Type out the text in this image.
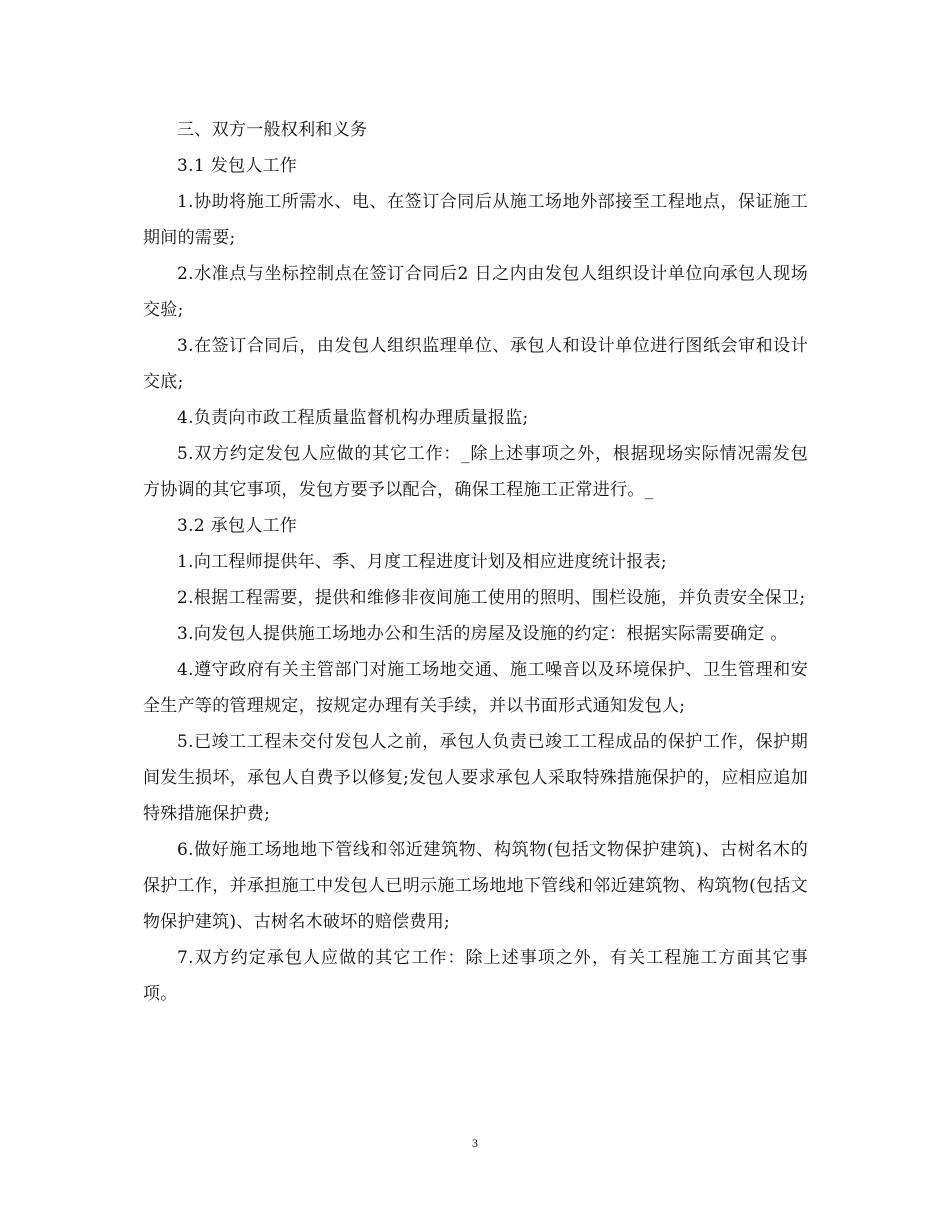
三、双方一般权利和义务

3.1 发包人工作

1.协助将施工所需水、电、在签订合同后从施工场地外部接至工程地点，保证施工期间的需要;

2.水准点与坐标控制点在签订合同后2 日之内由发包人组织设计单位向承包人现场交验;

3.在签订合同后，由发包人组织监理单位、承包人和设计单位进行图纸会审和设计交底;

4.负责向市政工程质量监督机构办理质量报监;

5.双方约定发包人应做的其它工作：_除上述事项之外，根据现场实际情况需发包方协调的其它事项，发包方要予以配合，确保工程施工正常进行。_

3.2 承包人工作

1.向工程师提供年、季、月度工程进度计划及相应进度统计报表;

2.根据工程需要，提供和维修非夜间施工使用的照明、围栏设施，并负责安全保卫;

3.向发包人提供施工场地办公和生活的房屋及设施的约定：根据实际需要确定 。

4.遵守政府有关主管部门对施工场地交通、施工噪音以及环境保护、卫生管理和安全生产等的管理规定，按规定办理有关手续，并以书面形式通知发包人;

5.已竣工工程未交付发包人之前，承包人负责已竣工工程成品的保护工作，保护期间发生损坏，承包人自费予以修复;发包人要求承包人采取特殊措施保护的，应相应追加特殊措施保护费;

6.做好施工场地地下管线和邻近建筑物、构筑物(包括文物保护建筑)、古树名木的保护工作，并承担施工中发包人已明示施工场地地下管线和邻近建筑物、构筑物(包括文物保护建筑)、古树名木破坏的赔偿费用;

7.双方约定承包人应做的其它工作：除上述事项之外，有关工程施工方面其它事项。

3
